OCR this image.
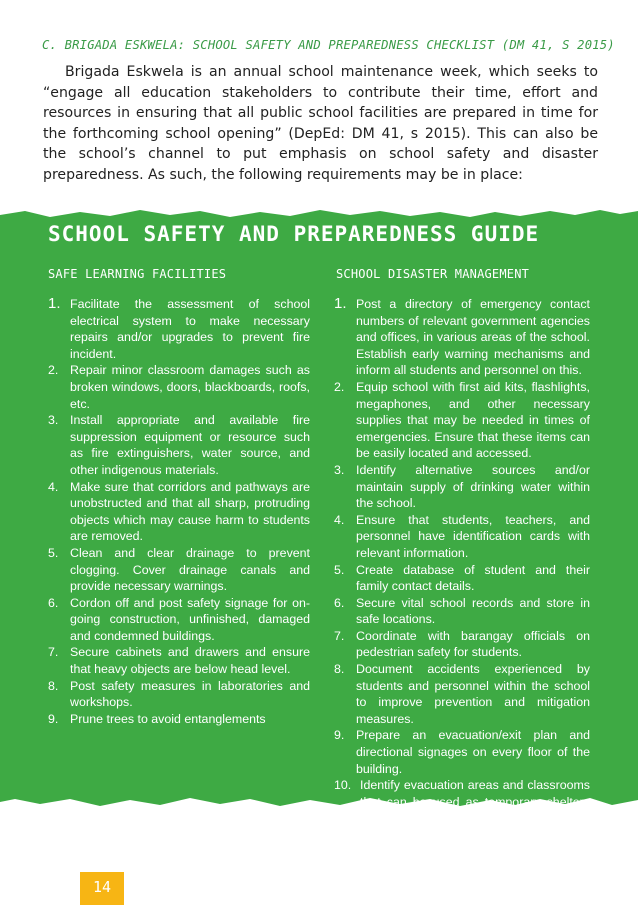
C. BRIGADA ESKWELA: SCHOOL SAFETY AND PREPAREDNESS CHECKLIST (DM 41, S 2015)

Brigada Eskwela is an annual school maintenance week, which seeks to “engage all education stakeholders to contribute their time, effort and resources in ensuring that all public school facilities are prepared in time for the forthcoming school opening” (DepEd: DM 41, s 2015). This can also be the school’s channel to put emphasis on school safety and disaster preparedness. As such, the following requirements may be in place:

SCHOOL SAFETY AND PREPAREDNESS GUIDE
SAFE LEARNING FACILITIES	SCHOOL DISASTER MANAGEMENT
1. Facilitate the assessment of school electrical system to make necessary repairs and/or upgrades to prevent fire incident.
2. Repair minor classroom damages such as broken windows, doors, blackboards, roofs, etc.
3. Install appropriate and available fire suppression equipment or resource such as fire extinguishers, water source, and other indigenous materials.
4. Make sure that corridors and pathways are unobstructed and that all sharp, protruding objects which may cause harm to students are removed.
5. Clean and clear drainage to prevent clogging. Cover drainage canals and provide necessary warnings.
6. Cordon off and post safety signage for on-going construction, unfinished, damaged and condemned buildings.
7. Secure cabinets and drawers and ensure that heavy objects are below head level.
8. Post safety measures in laboratories and workshops.
9. Prune trees to avoid entanglements
1. Post a directory of emergency contact numbers of relevant government agencies and offices, in various areas of the school. Establish early warning mechanisms and inform all students and personnel on this.
2. Equip school with first aid kits, flashlights, megaphones, and other necessary supplies that may be needed in times of emergencies. Ensure that these items can be easily located and accessed.
3. Identify alternative sources and/or maintain supply of drinking water within the school.
4. Ensure that students, teachers, and personnel have identification cards with relevant information.
5. Create database of student and their family contact details.
6. Secure vital school records and store in safe locations.
7. Coordinate with barangay officials on pedestrian safety for students.
8. Document accidents experienced by students and personnel within the school to improve prevention and mitigation measures.
9. Prepare an evacuation/exit plan and directional signages on every floor of the building.
10. Identify evacuation areas and classrooms that can be used as temporary shelters during disasters and emergencies.
14
